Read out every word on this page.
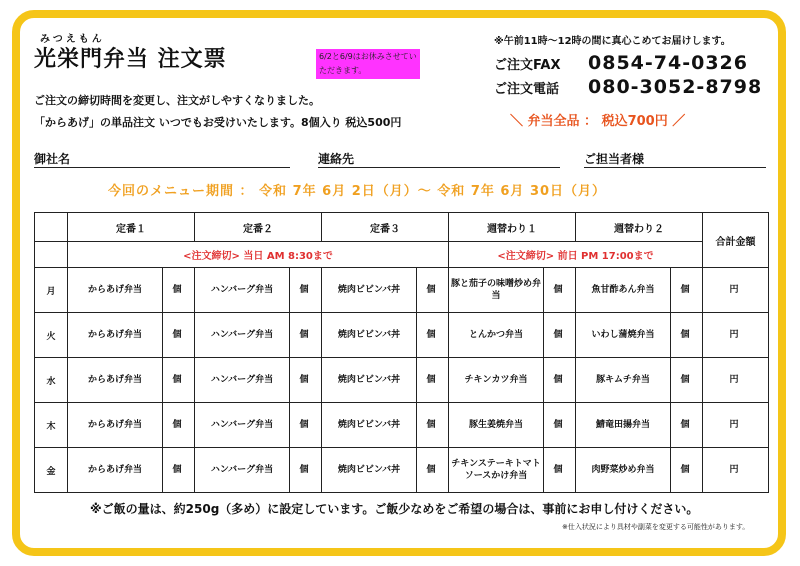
みつえもん
光栄門弁当 注文票	6/2と6/9はお休みさせていただきます。
※午前11時～12時の間に真心こめてお届けします。
ご注文FAX 0854-74-0326
ご注文電話 080-3052-8798
ご注文の締切時間を変更し、注文がしやすくなりました。
「からあげ」の単品注文 いつでもお受けいたします。8個入り 税込500円	＼ 弁当全品 ： 税込700円 ／
御社名	連絡先	ご担当者様
今回のメニュー期間 ： 令和 7年 6月 2日（月）～ 令和 7年 6月 30日（月）
	定番１		定番２		定番３		週替わり１		週替わり２		合計金額
	<注文締切> 当日 AM 8:30まで						<注文締切> 前日 PM 17:00まで				
月	からあげ弁当	個	ハンバーグ弁当	個	焼肉ビビンバ丼	個	豚と茄子の味噌炒め弁当	個	魚甘酢あん弁当	個	円
火	からあげ弁当	個	ハンバーグ弁当	個	焼肉ビビンバ丼	個	とんかつ弁当	個	いわし蒲焼弁当	個	円
水	からあげ弁当	個	ハンバーグ弁当	個	焼肉ビビンバ丼	個	チキンカツ弁当	個	豚キムチ弁当	個	円
木	からあげ弁当	個	ハンバーグ弁当	個	焼肉ビビンバ丼	個	豚生姜焼弁当	個	鯖竜田揚弁当	個	円
金	からあげ弁当	個	ハンバーグ弁当	個	焼肉ビビンバ丼	個	チキンステーキトマトソースかけ弁当	個	肉野菜炒め弁当	個	円
※ご飯の量は、約250g（多め）に設定しています。ご飯少なめをご希望の場合は、事前にお申し付けください。
※仕入状況により具材や副菜を変更する可能性があります。
